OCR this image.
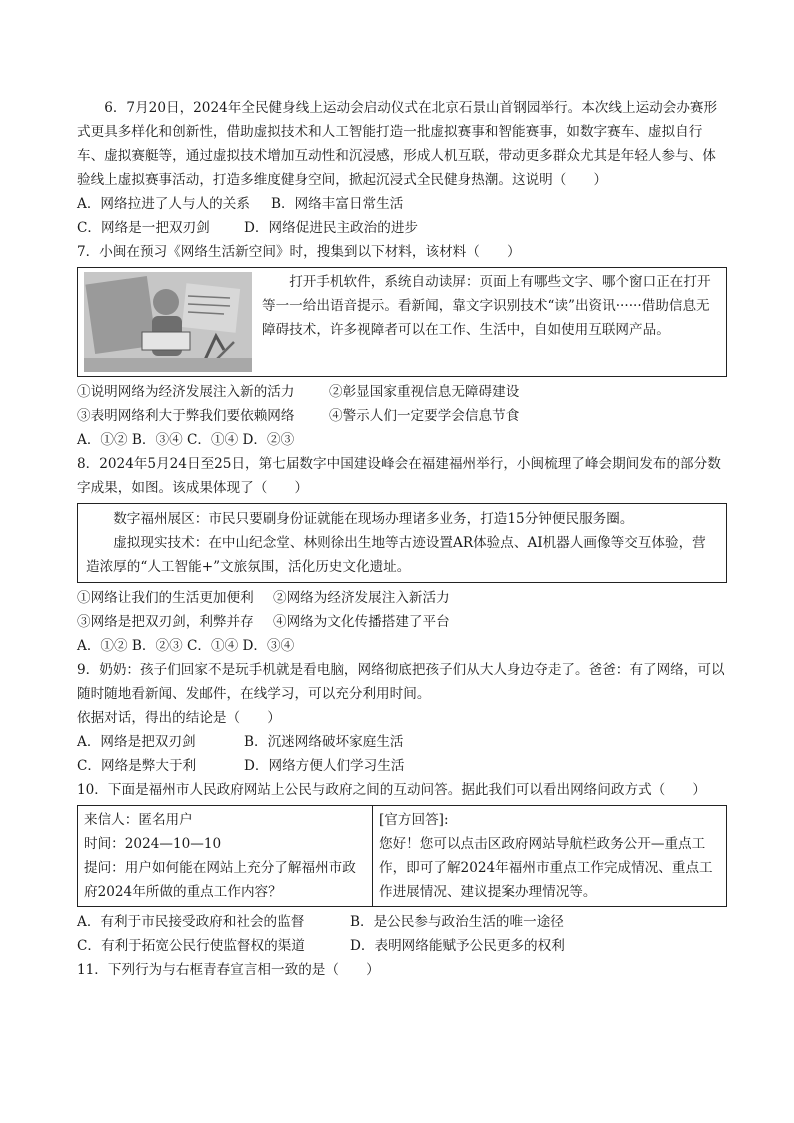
6．7月20日，2024年全民健身线上运动会启动仪式在北京石景山首钢园举行。本次线上运动会办赛形式更具多样化和创新性，借助虚拟技术和人工智能打造一批虚拟赛事和智能赛事，如数字赛车、虚拟自行车、虚拟赛艇等，通过虚拟技术增加互动性和沉浸感，形成人机互联，带动更多群众尤其是年轻人参与、体验线上虚拟赛事活动，打造多维度健身空间，掀起沉浸式全民健身热潮。这说明（　　）

A．网络拉进了人与人的关系	B．网络丰富日常生活
C．网络是一把双刃剑	D．网络促进民主政治的进步

7．小闽在预习《网络生活新空间》时，搜集到以下材料，该材料（　　）

打开手机软件，系统自动读屏：页面上有哪些文字、哪个窗口正在打开等一一给出语音提示。看新闻，靠文字识别技术“读”出资讯······借助信息无障碍技术，许多视障者可以在工作、生活中，自如使用互联网产品。
①说明网络为经济发展注入新的活力	②彰显国家重视信息无障碍建设
③表明网络利大于弊我们要依赖网络	④警示人们一定要学会信息节食

A．①② B．③④ C．①④ D．②③

8．2024年5月24日至25日，第七届数字中国建设峰会在福建福州举行，小闽梳理了峰会期间发布的部分数字成果，如图。该成果体现了（　　）

数字福州展区：市民只要刷身份证就能在现场办理诸多业务，打造15分钟便民服务圈。

虚拟现实技术：在中山纪念堂、林则徐出生地等古迹设置AR体验点、AI机器人画像等交互体验，营造浓厚的“人工智能+”文旅氛围，活化历史文化遗址。

①网络让我们的生活更加便利	②网络为经济发展注入新活力
③网络是把双刃剑，利弊并存	④网络为文化传播搭建了平台

A．①② B．②③ C．①④ D．③④

9．奶奶：孩子们回家不是玩手机就是看电脑，网络彻底把孩子们从大人身边夺走了。爸爸：有了网络，可以随时随地看新闻、发邮件，在线学习，可以充分利用时间。

依据对话，得出的结论是（　　）

A．网络是把双刃剑	B．沉迷网络破坏家庭生活
C．网络是弊大于利	D．网络方便人们学习生活

10．下面是福州市人民政府网站上公民与政府之间的互动问答。据此我们可以看出网络问政方式（　　）

来信人：匿名用户

时间：2024—10—10

提问：用户如何能在网站上充分了解福州市政府2024年所做的重点工作内容？

[官方回答]:

您好！您可以点击区政府网站导航栏政务公开—重点工作，即可了解2024年福州市重点工作完成情况、重点工作进展情况、建议提案办理情况等。

A．有利于市民接受政府和社会的监督	B．是公民参与政治生活的唯一途径
C．有利于拓宽公民行使监督权的渠道	D．表明网络能赋予公民更多的权利

11．下列行为与右框青春宣言相一致的是（　　）
